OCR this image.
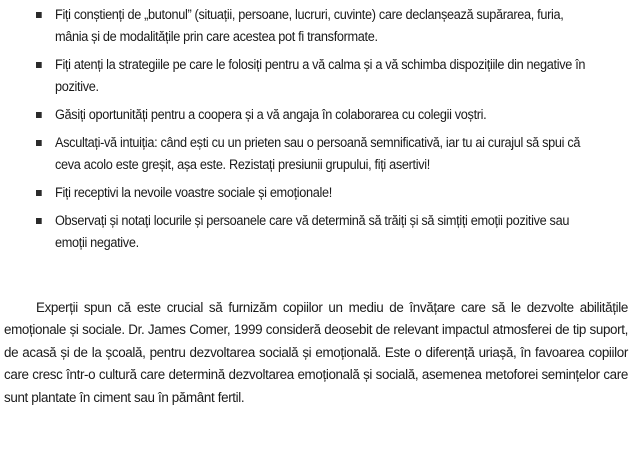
Fiți conștienți de „butonul” (situații, persoane, lucruri, cuvinte) care declanșează supărarea, furia, mânia și de modalitățile prin care acestea pot fi transformate.
Fiți atenți la strategiile pe care le folosiți pentru a vă calma și a vă schimba dispozițiile din negative în pozitive.
Găsiți oportunități pentru a coopera și a vă angaja în colaborarea cu colegii voștri.
Ascultați-vă intuiția: când ești cu un prieten sau o persoană semnificativă, iar tu ai curajul să spui că ceva acolo este greșit, așa este. Rezistați presiunii grupului, fiți asertivi!
Fiți receptivi la nevoile voastre sociale și emoționale!
Observați și notați locurile și persoanele care vă determină să trăiți și să simțiți emoții pozitive sau emoții negative.

Experții spun că este crucial să furnizăm copiilor un mediu de învățare care să le dezvolte abilitățile emoționale și sociale. Dr. James Comer, 1999 consideră deosebit de relevant impactul atmosferei de tip suport, de acasă și de la școală, pentru dezvoltarea socială și emoțională. Este o diferență uriașă, în favoarea copiilor care cresc într-o cultură care determină dezvoltarea emoțională și socială, asemenea metoforei semințelor care sunt plantate în ciment sau în pământ fertil.
